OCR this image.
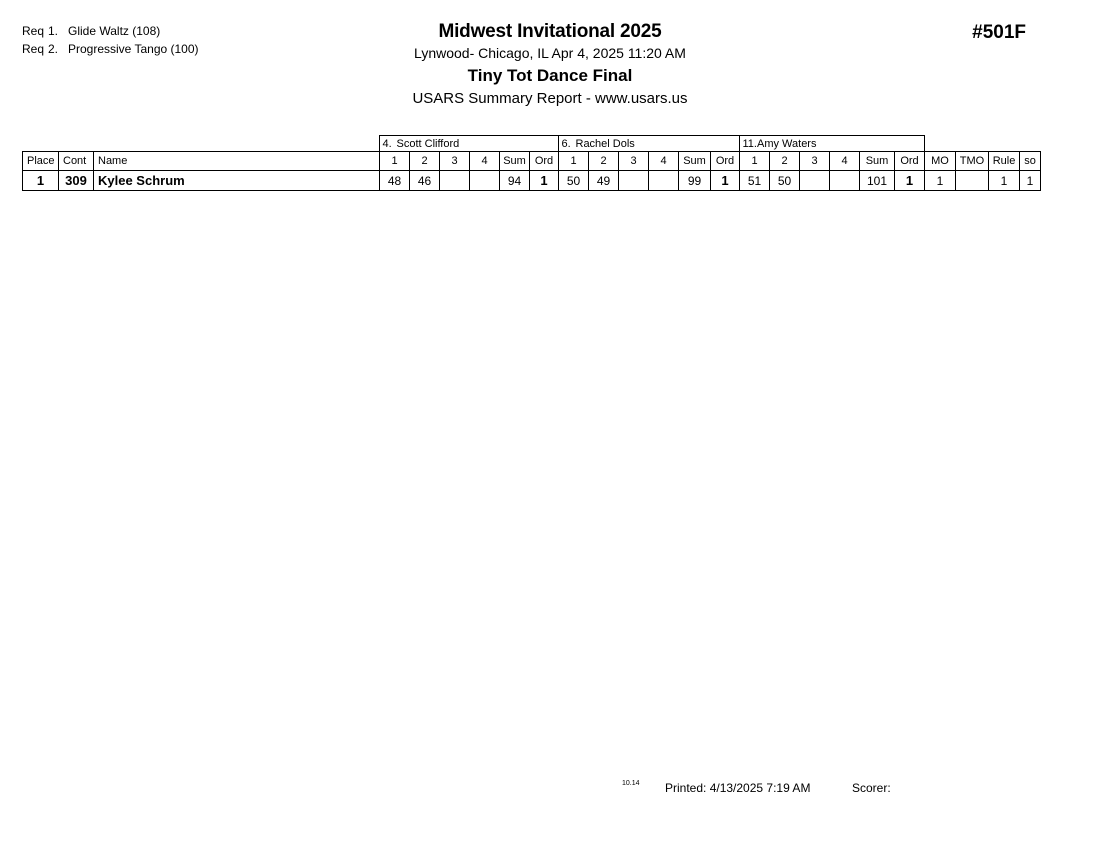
Req 1. Glide Waltz (108)
Req 2. Progressive Tango (100)
Midwest Invitational 2025
Lynwood- Chicago, IL Apr 4, 2025 11:20 AM
Tiny Tot Dance Final
USARS Summary Report - www.usars.us
#501F
			4. Scott Clifford	6. Rachel Dols	11.Amy Waters				
Place	Cont	Name	1	2	3	4	Sum	Ord	1	2	3	4	Sum	Ord	1	2	3	4	Sum	Ord	MO	TMO	Rule	so
1	309	Kylee Schrum	48	46			94	1	50	49			99	1	51	50			101	1	1		1	1
10.14 Printed: 4/13/2025 7:19 AM	Scorer:
